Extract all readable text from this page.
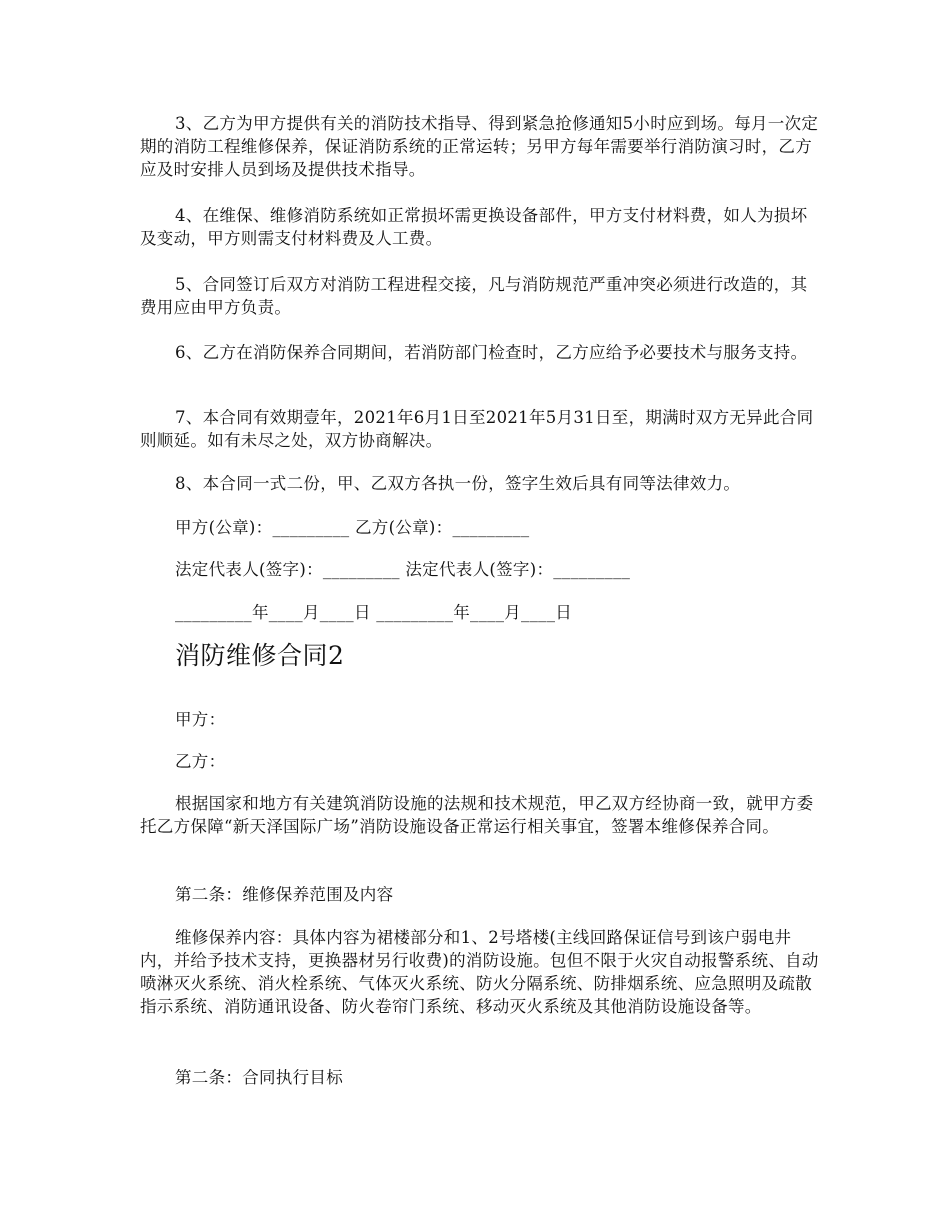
3、乙方为甲方提供有关的消防技术指导、得到紧急抢修通知5小时应到场。每月一次定期的消防工程维修保养，保证消防系统的正常运转；另甲方每年需要举行消防演习时，乙方应及时安排人员到场及提供技术指导。

4、在维保、维修消防系统如正常损坏需更换设备部件，甲方支付材料费，如人为损坏及变动，甲方则需支付材料费及人工费。

5、合同签订后双方对消防工程进程交接，凡与消防规范严重冲突必须进行改造的，其费用应由甲方负责。

6、乙方在消防保养合同期间，若消防部门检查时，乙方应给予必要技术与服务支持。

7、本合同有效期壹年，2021年6月1日至2021年5月31日至，期满时双方无异此合同则顺延。如有未尽之处，双方协商解决。

8、本合同一式二份，甲、乙双方各执一份，签字生效后具有同等法律效力。

甲方(公章)：_________ 乙方(公章)：_________

法定代表人(签字)：_________ 法定代表人(签字)：_________

_________年____月____日 _________年____月____日

消防维修合同2

甲方：

乙方：

根据国家和地方有关建筑消防设施的法规和技术规范，甲乙双方经协商一致，就甲方委托乙方保障“新天泽国际广场”消防设施设备正常运行相关事宜，签署本维修保养合同。

第二条：维修保养范围及内容

维修保养内容：具体内容为裙楼部分和1、2号塔楼(主线回路保证信号到该户弱电井内，并给予技术支持，更换器材另行收费)的消防设施。包但不限于火灾自动报警系统、自动喷淋灭火系统、消火栓系统、气体灭火系统、防火分隔系统、防排烟系统、应急照明及疏散指示系统、消防通讯设备、防火卷帘门系统、移动灭火系统及其他消防设施设备等。

第二条：合同执行目标
